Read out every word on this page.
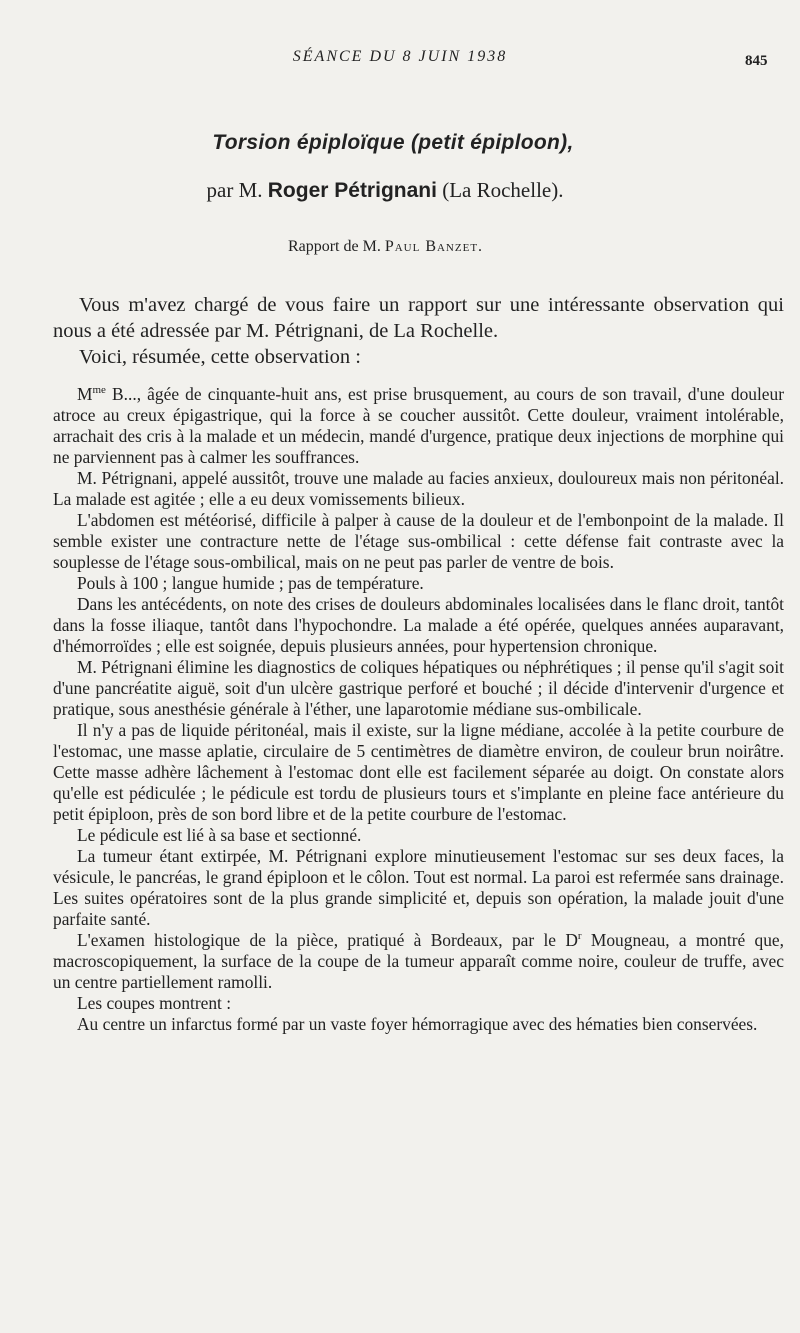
SÉANCE DU 8 JUIN 1938	845
Torsion épiploïque (petit épiploon),
par M. Roger Pétrignani (La Rochelle).
Rapport de M. Paul Banzet.

Vous m'avez chargé de vous faire un rapport sur une intéressante observation qui nous a été adressée par M. Pétrignani, de La Rochelle.

Voici, résumée, cette observation :

$M^{me}$ B..., âgée de cinquante-huit ans, est prise brusquement, au cours de son travail, d'une douleur atroce au creux épigastrique, qui la force à se coucher aussitôt. Cette douleur, vraiment intolérable, arrachait des cris à la malade et un médecin, mandé d'urgence, pratique deux injections de morphine qui ne parviennent pas à calmer les souffrances.

M. Pétrignani, appelé aussitôt, trouve une malade au facies anxieux, douloureux mais non péritonéal. La malade est agitée ; elle a eu deux vomissements bilieux.

L'abdomen est météorisé, difficile à palper à cause de la douleur et de l'embonpoint de la malade. Il semble exister une contracture nette de l'étage sus-ombilical : cette défense fait contraste avec la souplesse de l'étage sous-ombilical, mais on ne peut pas parler de ventre de bois.

Pouls à 100 ; langue humide ; pas de température.

Dans les antécédents, on note des crises de douleurs abdominales localisées dans le flanc droit, tantôt dans la fosse iliaque, tantôt dans l'hypochondre. La malade a été opérée, quelques années auparavant, d'hémorroïdes ; elle est soignée, depuis plusieurs années, pour hypertension chronique.

M. Pétrignani élimine les diagnostics de coliques hépatiques ou néphrétiques ; il pense qu'il s'agit soit d'une pancréatite aiguë, soit d'un ulcère gastrique perforé et bouché ; il décide d'intervenir d'urgence et pratique, sous anesthésie générale à l'éther, une laparotomie médiane sus-ombilicale.

Il n'y a pas de liquide péritonéal, mais il existe, sur la ligne médiane, accolée à la petite courbure de l'estomac, une masse aplatie, circulaire de 5 centimètres de diamètre environ, de couleur brun noirâtre. Cette masse adhère lâchement à l'estomac dont elle est facilement séparée au doigt. On constate alors qu'elle est pédiculée ; le pédicule est tordu de plusieurs tours et s'implante en pleine face antérieure du petit épiploon, près de son bord libre et de la petite courbure de l'estomac.

Le pédicule est lié à sa base et sectionné.

La tumeur étant extirpée, M. Pétrignani explore minutieusement l'estomac sur ses deux faces, la vésicule, le pancréas, le grand épiploon et le côlon. Tout est normal. La paroi est refermée sans drainage. Les suites opératoires sont de la plus grande simplicité et, depuis son opération, la malade jouit d'une parfaite santé.

L'examen histologique de la pièce, pratiqué à Bordeaux, par le $D^r$ Mougneau, a montré que, macroscopiquement, la surface de la coupe de la tumeur apparaît comme noire, couleur de truffe, avec un centre partiellement ramolli.

Les coupes montrent :

Au centre un infarctus formé par un vaste foyer hémorragique avec des hématies bien conservées.
